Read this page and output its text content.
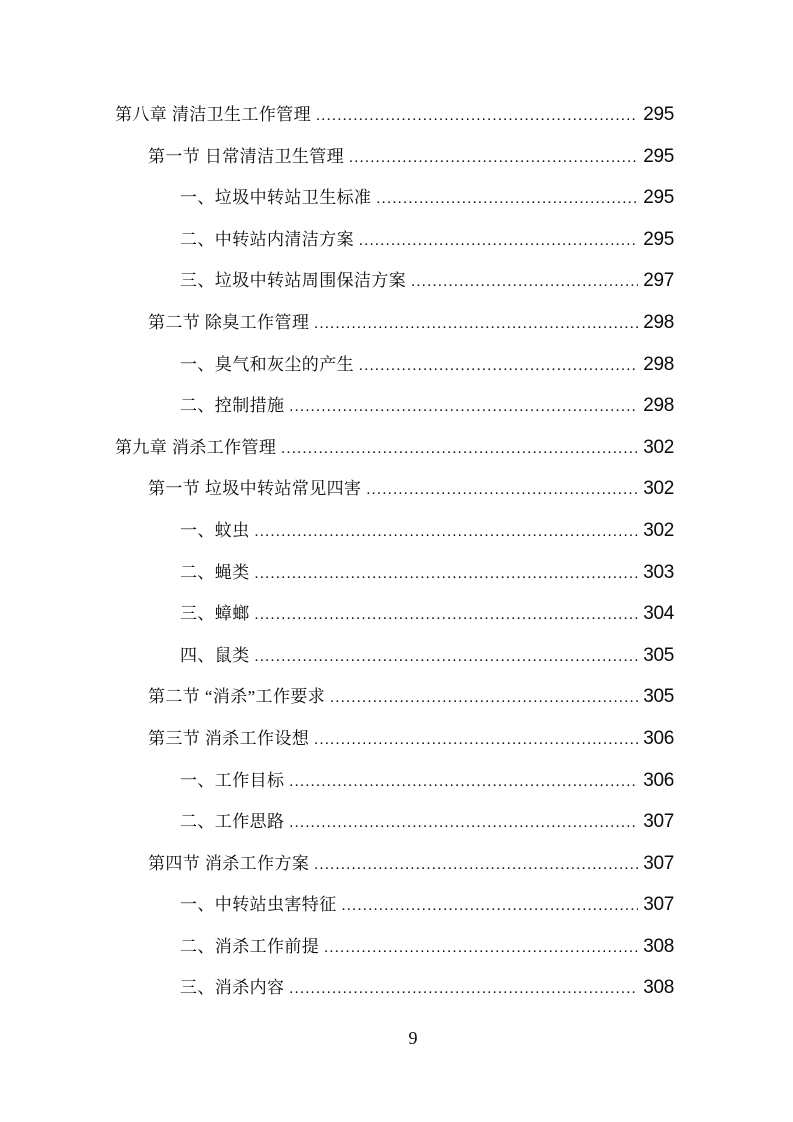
第八章 清洁卫生工作管理 .....	295
第一节 日常清洁卫生管理 .....	295
一、垃圾中转站卫生标准 .....	295
二、中转站内清洁方案 .....	295
三、垃圾中转站周围保洁方案 .....	297
第二节 除臭工作管理 .....	298
一、臭气和灰尘的产生 .....	298
二、控制措施 .....	298
第九章 消杀工作管理 .....	302
第一节 垃圾中转站常见四害 .....	302
一、蚊虫 .....	302
二、蝇类 .....	303
三、蟑螂 .....	304
四、鼠类 .....	305
第二节 “消杀”工作要求 .....	305
第三节 消杀工作设想 .....	306
一、工作目标 .....	306
二、工作思路 .....	307
第四节 消杀工作方案 .....	307
一、中转站虫害特征 .....	307
二、消杀工作前提 .....	308
三、消杀内容 .....	308
9
